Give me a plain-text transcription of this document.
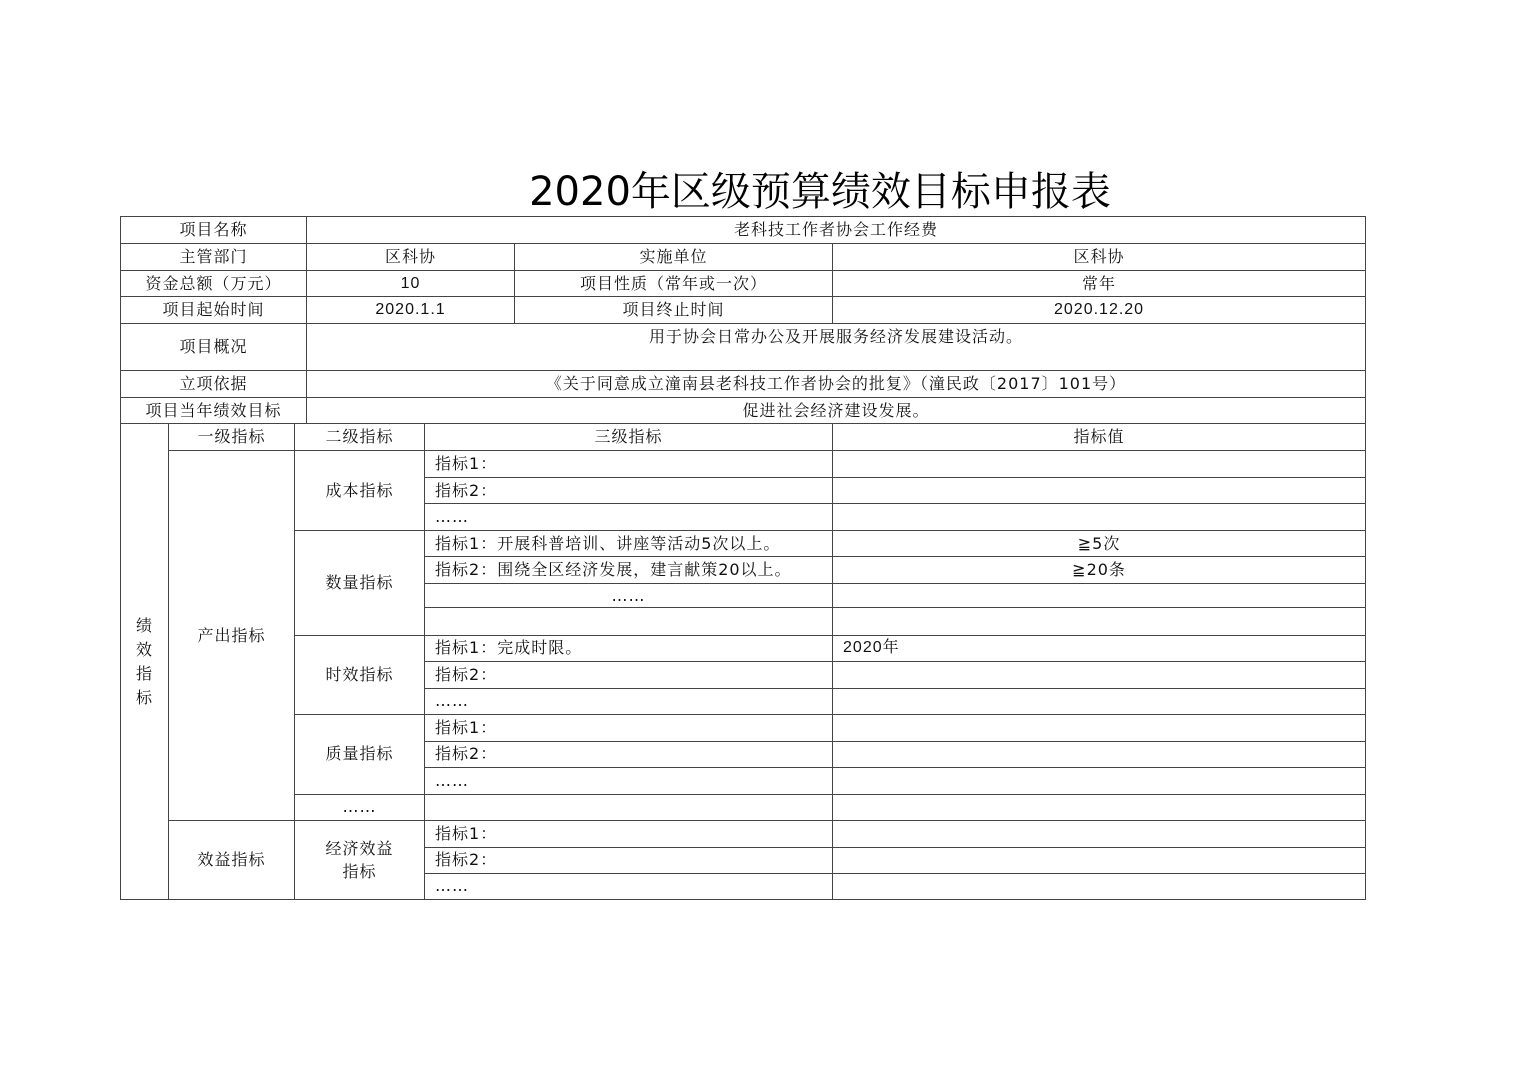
2020年区级预算绩效目标申报表
项目名称			老科技工作者协会工作经费			
主管部门			区科协		实施单位	区科协
资金总额（万元）			10		项目性质（常年或一次）	常年
项目起始时间			2020.1.1		项目终止时间	2020.12.20
项目概况			用于协会日常办公及开展服务经济发展建设活动。			
立项依据			《关于同意成立潼南县老科技工作者协会的批复》（潼民政〔2017〕101号）			
项目当年绩效目标			促进社会经济建设发展。			
绩效指标	一级指标	二级指标		三级指标		指标值
	产出指标	成本指标		指标1：		
				指标2：		
				……		
		数量指标		指标1：开展科普培训、讲座等活动5次以上。		≧5次
				指标2：围绕全区经济发展，建言献策20以上。		≧20条
				……		

		时效指标		指标1：完成时限。		2020年
				指标2：		
				……		
		质量指标		指标1：		
				指标2：		
				……		
		……				
	效益指标	经济效益指标		指标1：		
				指标2：		
				……		
